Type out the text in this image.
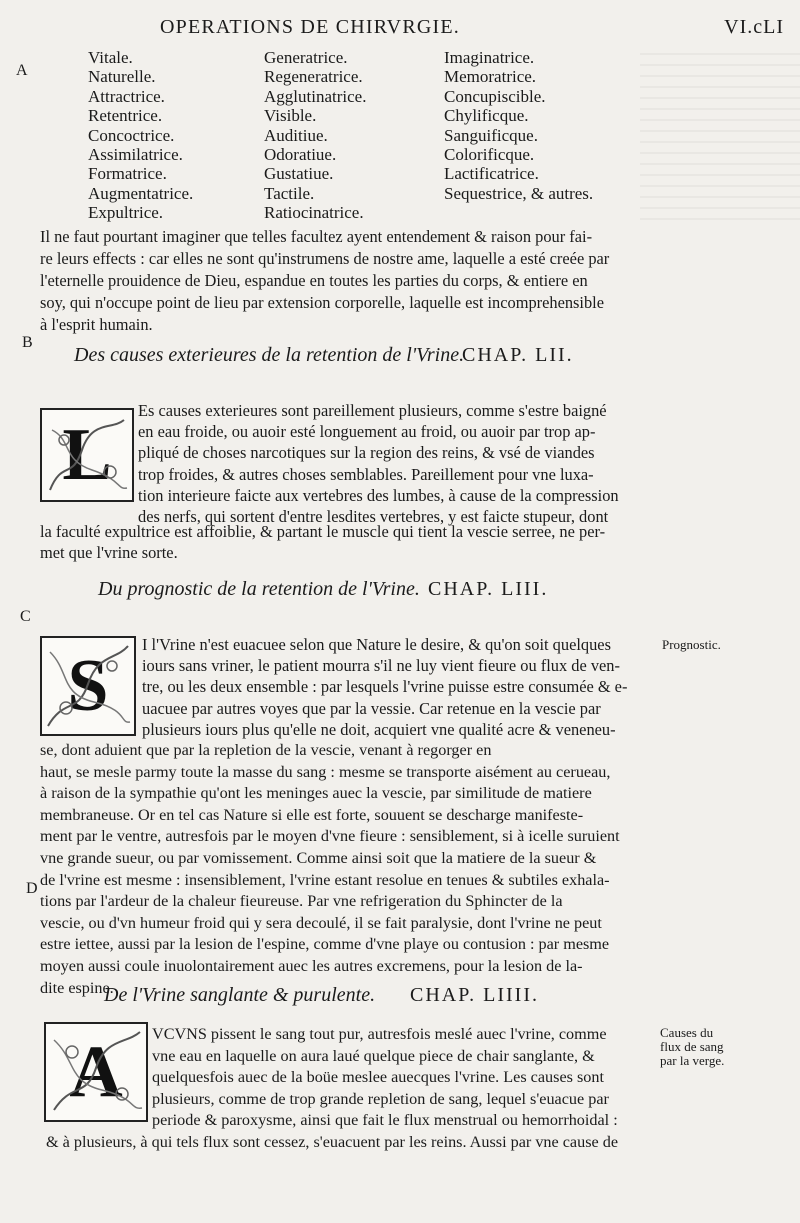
OPERATIONS DE CHIRVRGIE.	VI.cLI
A
B
C
D
Vitale.
Naturelle.
Attractrice.
Retentrice.
Concoctrice.
Assimilatrice.
Formatrice.
Augmentatrice.
Expultrice.
Generatrice.
Regeneratrice.
Agglutinatrice.
Visible.
Auditiue.
Odoratiue.
Gustatiue.
Tactile.
Ratiocinatrice.
Imaginatrice.
Memoratrice.
Concupiscible.
Chylificque.
Sanguificque.
Colorificque.
Lactificatrice.
Sequestrice, & autres.
Il ne faut pourtant imaginer que telles facultez ayent entendement & raison pour fai-
re leurs effects : car elles ne sont qu'instrumens de nostre ame, laquelle a esté creée par
l'eternelle prouidence de Dieu, espandue en toutes les parties du corps, & entiere en
soy, qui n'occupe point de lieu par extension corporelle, laquelle est incomprehensible
à l'esprit humain.
Des causes exterieures de la retention de l'Vrine.
CHAP. LII.
L
Es causes exterieures sont pareillement plusieurs, comme s'estre baigné
en eau froide, ou auoir esté longuement au froid, ou auoir par trop ap-
pliqué de choses narcotiques sur la region des reins, & vsé de viandes
trop froides, & autres choses semblables. Pareillement pour vne luxa-
tion interieure faicte aux vertebres des lumbes, à cause de la compression
des nerfs, qui sortent d'entre lesdites vertebres, y est faicte stupeur, dont
la faculté expultrice est affoiblie, & partant le muscle qui tient la vescie serree, ne per-
met que l'vrine sorte.
Du prognostic de la retention de l'Vrine. CHAP. LIII.
S
Prognostic.
I l'Vrine n'est euacuee selon que Nature le desire, & qu'on soit quelques
iours sans vriner, le patient mourra s'il ne luy vient fieure ou flux de ven-
tre, ou les deux ensemble : par lesquels l'vrine puisse estre consumée & e-
uacuee par autres voyes que par la vessie. Car retenue en la vescie par
plusieurs iours plus qu'elle ne doit, acquiert vne qualité acre & veneneu-
se, dont aduient que par la repletion de la vescie, venant à regorger en
haut, se mesle parmy toute la masse du sang : mesme se transporte aisément au cerueau,
à raison de la sympathie qu'ont les meninges auec la vescie, par similitude de matiere
membraneuse. Or en tel cas Nature si elle est forte, souuent se descharge manifeste-
ment par le ventre, autresfois par le moyen d'vne fieure : sensiblement, si à icelle suruient
vne grande sueur, ou par vomissement. Comme ainsi soit que la matiere de la sueur &
de l'vrine est mesme : insensiblement, l'vrine estant resolue en tenues & subtiles exhala-
tions par l'ardeur de la chaleur fieureuse. Par vne refrigeration du Sphincter de la
vescie, ou d'vn humeur froid qui y sera decoulé, il se fait paralysie, dont l'vrine ne peut
estre iettee, aussi par la lesion de l'espine, comme d'vne playe ou contusion : par mesme
moyen aussi coule inuolontairement auec les autres excremens, pour la lesion de la-
dite espine.
De l'Vrine sanglante & purulente. CHAP. LIIII.
A	Causes du
flux de sang
par la verge.
VCVNS pissent le sang tout pur, autresfois meslé auec l'vrine, comme
vne eau en laquelle on aura laué quelque piece de chair sanglante, &
quelquesfois auec de la boüe meslee auecques l'vrine. Les causes sont
plusieurs, comme de trop grande repletion de sang, lequel s'euacue par
periode & paroxysme, ainsi que fait le flux menstrual ou hemorrhoidal :
& à plusieurs, à qui tels flux sont cessez, s'euacuent par les reins. Aussi par vne cause de
